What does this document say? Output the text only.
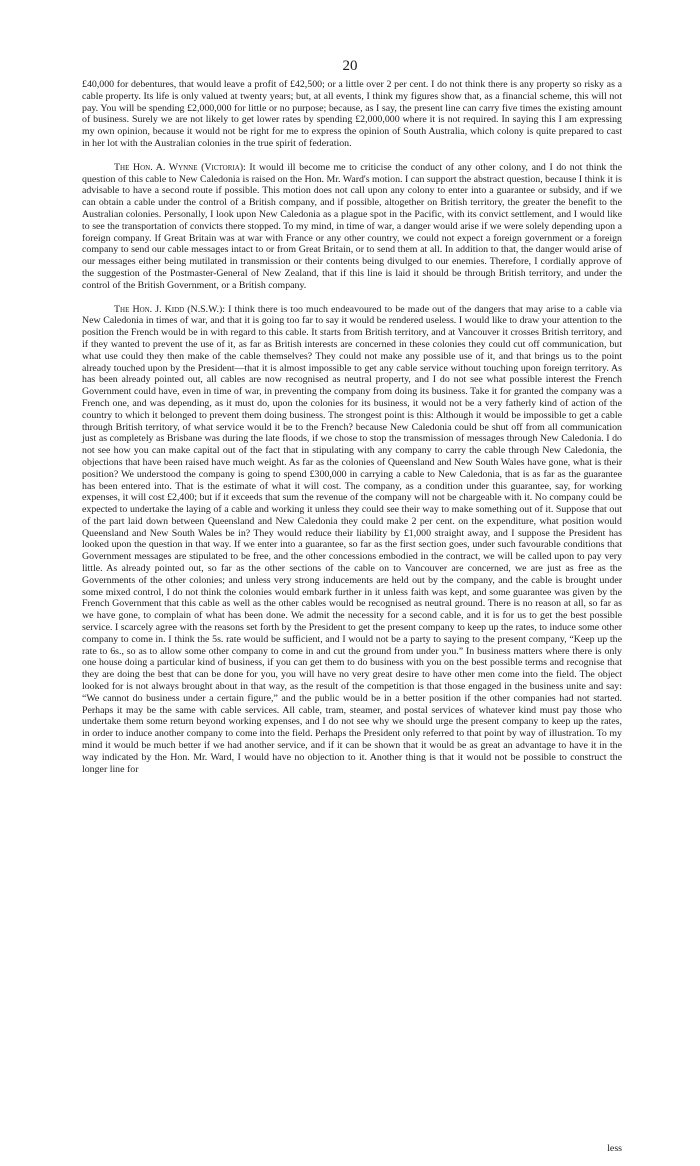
20

£40,000 for debentures, that would leave a profit of £42,500; or a little over 2 per cent. I do not think there is any property so risky as a cable property. Its life is only valued at twenty years; but, at all events, I think my figures show that, as a financial scheme, this will not pay. You will be spending £2,000,000 for little or no purpose; because, as I say, the present line can carry five times the existing amount of business. Surely we are not likely to get lower rates by spending £2,000,000 where it is not required. In saying this I am expressing my own opinion, because it would not be right for me to express the opinion of South Australia, which colony is quite prepared to cast in her lot with the Australian colonies in the true spirit of federation.

The Hon. A. Wynne (Victoria): It would ill become me to criticise the conduct of any other colony, and I do not think the question of this cable to New Caledonia is raised on the Hon. Mr. Ward's motion. I can support the abstract question, because I think it is advisable to have a second route if possible. This motion does not call upon any colony to enter into a guarantee or subsidy, and if we can obtain a cable under the control of a British company, and if possible, altogether on British territory, the greater the benefit to the Australian colonies. Personally, I look upon New Caledonia as a plague spot in the Pacific, with its convict settlement, and I would like to see the transportation of convicts there stopped. To my mind, in time of war, a danger would arise if we were solely depending upon a foreign company. If Great Britain was at war with France or any other country, we could not expect a foreign government or a foreign company to send our cable messages intact to or from Great Britain, or to send them at all. In addition to that, the danger would arise of our messages either being mutilated in transmission or their contents being divulged to our enemies. Therefore, I cordially approve of the suggestion of the Postmaster-General of New Zealand, that if this line is laid it should be through British territory, and under the control of the British Government, or a British company.

The Hon. J. Kidd (N.S.W.): I think there is too much endeavoured to be made out of the dangers that may arise to a cable via New Caledonia in times of war, and that it is going too far to say it would be rendered useless. I would like to draw your attention to the position the French would be in with regard to this cable. It starts from British territory, and at Vancouver it crosses British territory, and if they wanted to prevent the use of it, as far as British interests are concerned in these colonies they could cut off communication, but what use could they then make of the cable themselves? They could not make any possible use of it, and that brings us to the point already touched upon by the President—that it is almost impossible to get any cable service without touching upon foreign territory. As has been already pointed out, all cables are now recognised as neutral property, and I do not see what possible interest the French Government could have, even in time of war, in preventing the company from doing its business. Take it for granted the company was a French one, and was depending, as it must do, upon the colonies for its business, it would not be a very fatherly kind of action of the country to which it belonged to prevent them doing business. The strongest point is this: Although it would be impossible to get a cable through British territory, of what service would it be to the French? because New Caledonia could be shut off from all communication just as completely as Brisbane was during the late floods, if we chose to stop the transmission of messages through New Caledonia. I do not see how you can make capital out of the fact that in stipulating with any company to carry the cable through New Caledonia, the objections that have been raised have much weight. As far as the colonies of Queensland and New South Wales have gone, what is their position? We understood the company is going to spend £300,000 in carrying a cable to New Caledonia, that is as far as the guarantee has been entered into. That is the estimate of what it will cost. The company, as a condition under this guarantee, say, for working expenses, it will cost £2,400; but if it exceeds that sum the revenue of the company will not be chargeable with it. No company could be expected to undertake the laying of a cable and working it unless they could see their way to make something out of it. Suppose that out of the part laid down between Queensland and New Caledonia they could make 2 per cent. on the expenditure, what position would Queensland and New South Wales be in? They would reduce their liability by £1,000 straight away, and I suppose the President has looked upon the question in that way. If we enter into a guarantee, so far as the first section goes, under such favourable conditions that Government messages are stipulated to be free, and the other concessions embodied in the contract, we will be called upon to pay very little. As already pointed out, so far as the other sections of the cable on to Vancouver are concerned, we are just as free as the Governments of the other colonies; and unless very strong inducements are held out by the company, and the cable is brought under some mixed control, I do not think the colonies would embark further in it unless faith was kept, and some guarantee was given by the French Government that this cable as well as the other cables would be recognised as neutral ground. There is no reason at all, so far as we have gone, to complain of what has been done. We admit the necessity for a second cable, and it is for us to get the best possible service. I scarcely agree with the reasons set forth by the President to get the present company to keep up the rates, to induce some other company to come in. I think the 5s. rate would be sufficient, and I would not be a party to saying to the present company, “Keep up the rate to 6s., so as to allow some other company to come in and cut the ground from under you.” In business matters where there is only one house doing a particular kind of business, if you can get them to do business with you on the best possible terms and recognise that they are doing the best that can be done for you, you will have no very great desire to have other men come into the field. The object looked for is not always brought about in that way, as the result of the competition is that those engaged in the business unite and say: “We cannot do business under a certain figure,” and the public would be in a better position if the other companies had not started. Perhaps it may be the same with cable services. All cable, tram, steamer, and postal services of whatever kind must pay those who undertake them some return beyond working expenses, and I do not see why we should urge the present company to keep up the rates, in order to induce another company to come into the field. Perhaps the President only referred to that point by way of illustration. To my mind it would be much better if we had another service, and if it can be shown that it would be as great an advantage to have it in the way indicated by the Hon. Mr. Ward, I would have no objection to it. Another thing is that it would not be possible to construct the longer line for

less
